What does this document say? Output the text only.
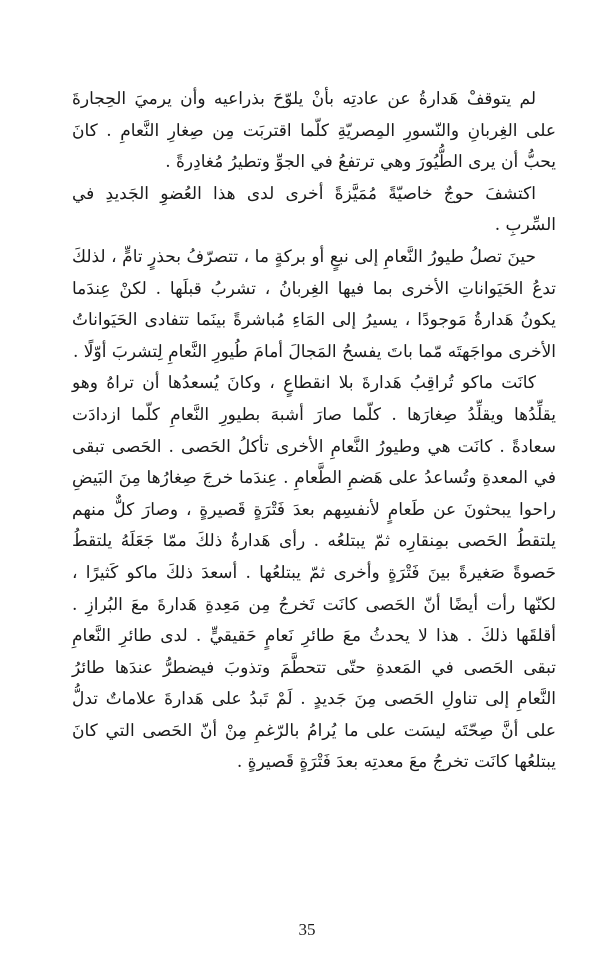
لم يتوقفْ هَدارةُ عن عادتِه بأنْ يلوّحَ بذراعيه وأن يرميَ الحِجارةَ على الغِربانِ والنّسورِ المِصريّةِ كلّما اقتربَت مِن صِغارِ النَّعامِ . كانَ يحبُّ أن يرى الطُّيُورَ وهي ترتفعُ في الجوِّ وتطيرُ مُغادِرةً .

اكتشفَ حوجٌ خاصيّةً مُمَيَّزةً أخرى لدى هذا العُضوِ الجَديدِ في السِّربِ .

حينَ تصلُ طيورُ النَّعامِ إلى نبعٍ أو بركةٍ ما ، تتصرّفُ بحذرٍ تامٍّ ، لذلكَ تدعُ الحَيَواناتِ الأخرى بما فيها الغِربانُ ، تشربُ قبلَها . لكنْ عِندَما يكونُ هَدارةُ مَوجودًا ، يسيرُ إلى المَاءِ مُباشرةً بينَما تتفادى الحَيَواناتُ الأخرى مواجَهتَه مّما باتَ يفسحُ المَجالَ أمامَ طُيورِ النَّعامِ لِتشربَ أوّلًا .

كانَت ماكو تُراقِبُ هَدارةَ بلا انقطاعٍ ، وكانَ يُسعدُها أن تراهُ وهو يقلِّدُها ويقلِّدُ صِغارَها . كلّما صارَ أشبهَ بطيورِ النَّعامِ كلّما ازدادَت سعادةً . كانَت هي وطيورُ النَّعامِ الأخرى تأكلُ الحَصى . الحَصى تبقى في المعدةِ وتُساعدُ على هَضمِ الطَّعامِ . عِندَما خرجَ صِغارُها مِنَ البَيضِ راحوا يبحثونَ عن طَعامٍ لأنفسِهم بعدَ فَتْرَةٍ قَصيرةٍ ، وصارَ كلٌّ منهم يلتقطُ الحَصى بمِنقارِه ثمّ يبتلعُه . رأى هَدارةُ ذلكَ ممّا جَعَلَهُ يلتقطُ حَصوةً صَغيرةً بينَ فَتْرَةٍ وأخرى ثمّ يبتلعُها . أسعدَ ذلكَ ماكو كَثيرًا ، لكنّها رأت أيضًا أنّ الحَصى كانَت تَخرجُ مِن مَعِدةِ هَدارةَ معَ البُرازِ . أقلقَها ذلكَ . هذا لا يحدثُ معَ طائرِ نَعامٍ حَقيقيٍّ . لدى طائرِ النَّعامِ تبقى الحَصى في المَعدةِ حتّى تتحطَّمَ وتذوبَ فيضطرُّ عندَها طائرُ النَّعامِ إلى تناولِ الحَصى مِنَ جَديدٍ . لَمْ تَبدُ على هَدارةَ علاماتٌ تدلُّ على أنَّ صِحّتَه ليسَت على ما يُرامُ بالرّغمِ مِنْ أنّ الحَصى التي كانَ يبتلعُها كانَت تخرجُ معَ معدتِه بعدَ فَتْرَةٍ قَصيرةٍ .

35
